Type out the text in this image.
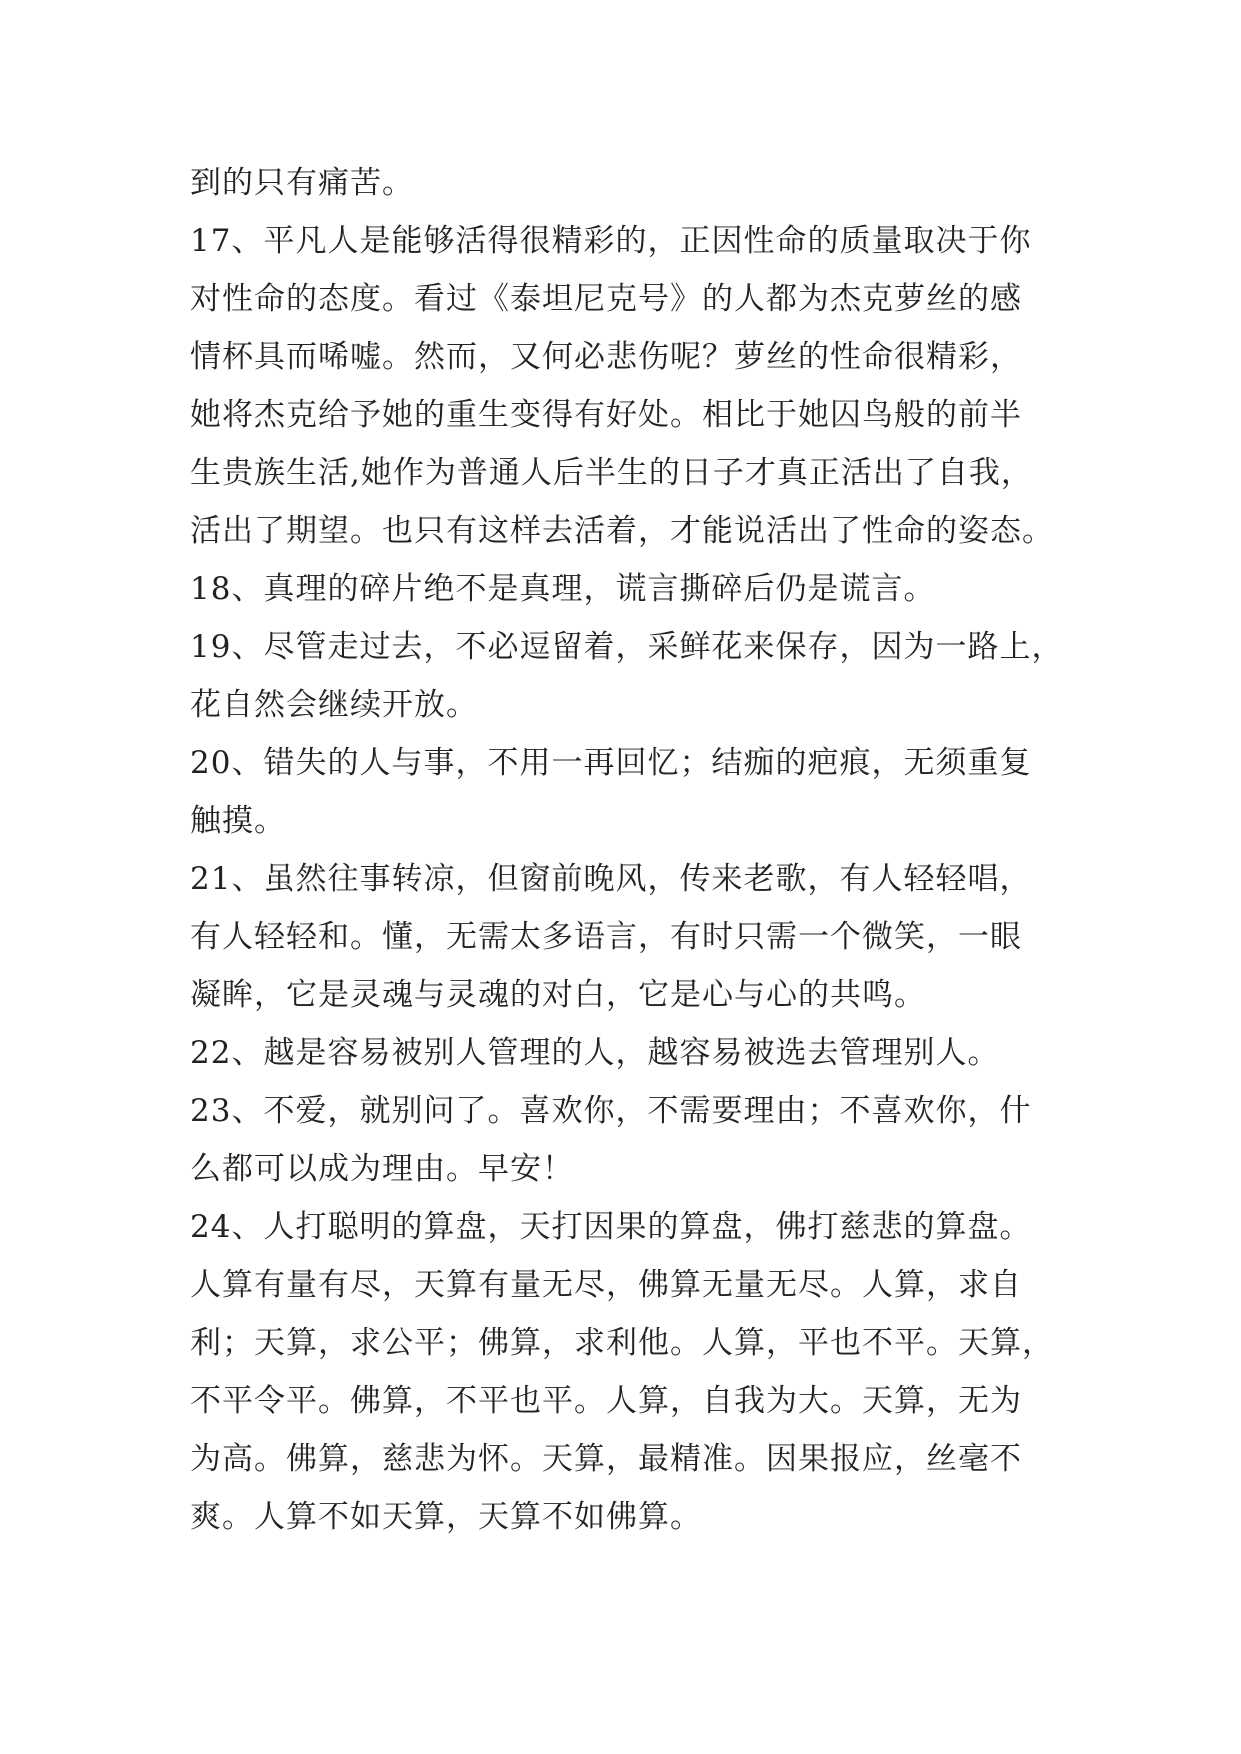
到的只有痛苦。
17、平凡人是能够活得很精彩的，正因性命的质量取决于你
对性命的态度。看过《泰坦尼克号》的人都为杰克萝丝的感
情杯具而唏嘘。然而，又何必悲伤呢？萝丝的性命很精彩，
她将杰克给予她的重生变得有好处。相比于她囚鸟般的前半
生贵族生活,她作为普通人后半生的日子才真正活出了自我，
活出了期望。也只有这样去活着，才能说活出了性命的姿态。
18、真理的碎片绝不是真理，谎言撕碎后仍是谎言。
19、尽管走过去，不必逗留着，采鲜花来保存，因为一路上，
花自然会继续开放。
20、错失的人与事，不用一再回忆；结痂的疤痕，无须重复
触摸。
21、虽然往事转凉，但窗前晚风，传来老歌，有人轻轻唱，
有人轻轻和。懂，无需太多语言，有时只需一个微笑，一眼
凝眸，它是灵魂与灵魂的对白，它是心与心的共鸣。
22、越是容易被别人管理的人，越容易被选去管理别人。
23、不爱，就别问了。喜欢你，不需要理由；不喜欢你，什
么都可以成为理由。早安！
24、人打聪明的算盘，天打因果的算盘，佛打慈悲的算盘。
人算有量有尽，天算有量无尽，佛算无量无尽。人算，求自
利；天算，求公平；佛算，求利他。人算，平也不平。天算，
不平令平。佛算，不平也平。人算，自我为大。天算，无为
为高。佛算，慈悲为怀。天算，最精准。因果报应，丝毫不
爽。人算不如天算，天算不如佛算。
